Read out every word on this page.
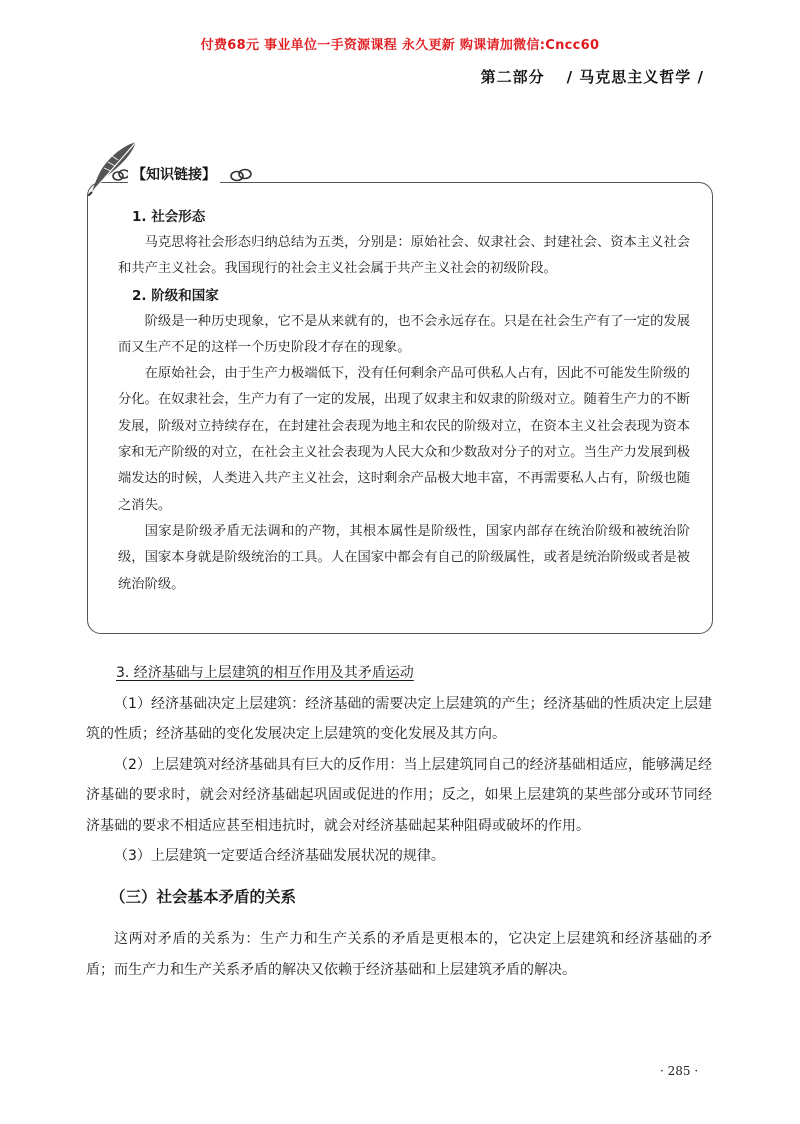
付费68元 事业单位一手资源课程 永久更新 购课请加微信:Cncc60
第二部分 / 马克思主义哲学 /
【知识链接】

1. 社会形态

马克思将社会形态归纳总结为五类，分别是：原始社会、奴隶社会、封建社会、资本主义社会和共产主义社会。我国现行的社会主义社会属于共产主义社会的初级阶段。

2. 阶级和国家

阶级是一种历史现象，它不是从来就有的，也不会永远存在。只是在社会生产有了一定的发展而又生产不足的这样一个历史阶段才存在的现象。

在原始社会，由于生产力极端低下，没有任何剩余产品可供私人占有，因此不可能发生阶级的分化。在奴隶社会，生产力有了一定的发展，出现了奴隶主和奴隶的阶级对立。随着生产力的不断发展，阶级对立持续存在，在封建社会表现为地主和农民的阶级对立，在资本主义社会表现为资本家和无产阶级的对立，在社会主义社会表现为人民大众和少数敌对分子的对立。当生产力发展到极端发达的时候，人类进入共产主义社会，这时剩余产品极大地丰富，不再需要私人占有，阶级也随之消失。

国家是阶级矛盾无法调和的产物，其根本属性是阶级性，国家内部存在统治阶级和被统治阶级，国家本身就是阶级统治的工具。人在国家中都会有自己的阶级属性，或者是统治阶级或者是被统治阶级。

3. 经济基础与上层建筑的相互作用及其矛盾运动

（1）经济基础决定上层建筑：经济基础的需要决定上层建筑的产生；经济基础的性质决定上层建筑的性质；经济基础的变化发展决定上层建筑的变化发展及其方向。

（2）上层建筑对经济基础具有巨大的反作用：当上层建筑同自己的经济基础相适应，能够满足经济基础的要求时，就会对经济基础起巩固或促进的作用；反之，如果上层建筑的某些部分或环节同经济基础的要求不相适应甚至相违抗时，就会对经济基础起某种阻碍或破坏的作用。

（3）上层建筑一定要适合经济基础发展状况的规律。

（三）社会基本矛盾的关系

这两对矛盾的关系为：生产力和生产关系的矛盾是更根本的，它决定上层建筑和经济基础的矛盾；而生产力和生产关系矛盾的解决又依赖于经济基础和上层建筑矛盾的解决。

· 285 ·
